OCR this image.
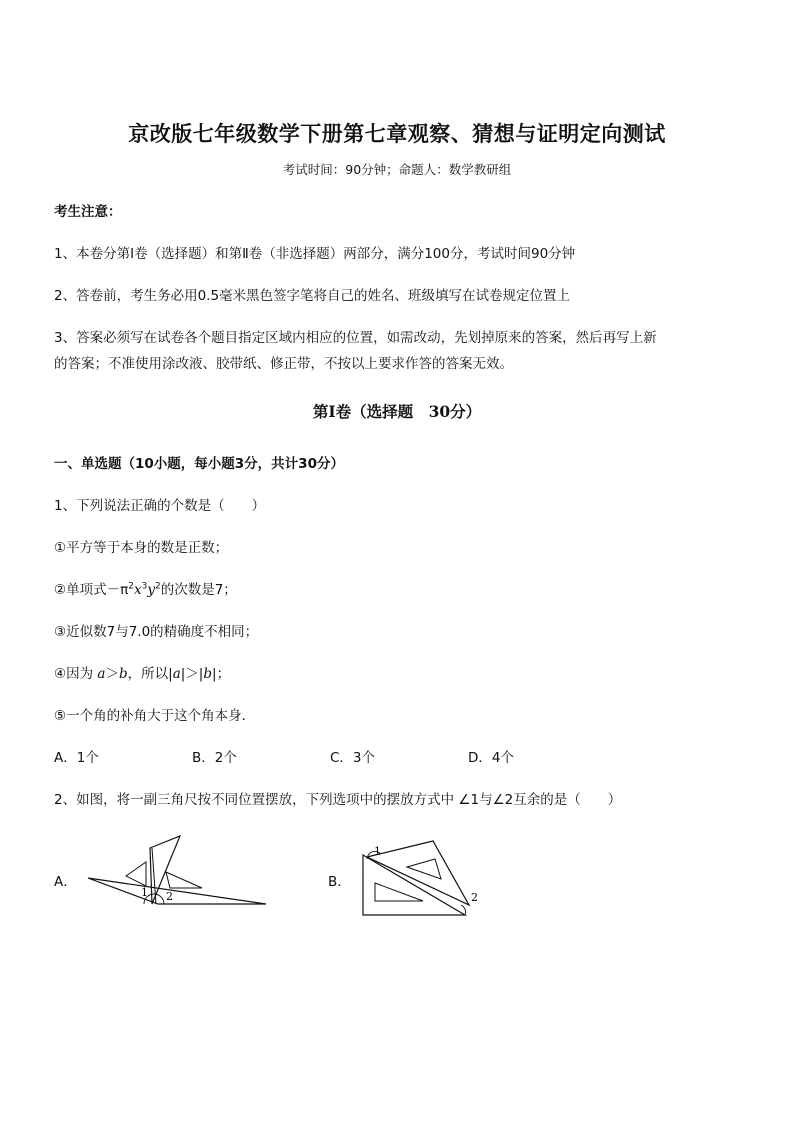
京改版七年级数学下册第七章观察、猜想与证明定向测试
考试时间：90分钟；命题人：数学教研组
考生注意：
1、本卷分第Ⅰ卷（选择题）和第Ⅱ卷（非选择题）两部分，满分100分，考试时间90分钟
2、答卷前，考生务必用0.5毫米黑色签字笔将自己的姓名、班级填写在试卷规定位置上
3、答案必须写在试卷各个题目指定区域内相应的位置，如需改动，先划掉原来的答案，然后再写上新
的答案；不准使用涂改液、胶带纸、修正带，不按以上要求作答的答案无效。
第Ⅰ卷（选择题　30分）
一、单选题（10小题，每小题3分，共计30分）
1、下列说法正确的个数是（　　）
①平方等于本身的数是正数；
②单项式$-\pi^2x^3y^2$的次数是7；
③近似数7与7.0的精确度不相同；
④因为 a＞b，所以|a|＞|b|；
⑤一个角的补角大于这个角本身．
A．1个	B．2个	C．3个	D．4个
2、如图，将一副三角尺按不同位置摆放，下列选项中的摆放方式中 ∠1与∠2互余的是（　　）
A．
1 2
B．
1
2
